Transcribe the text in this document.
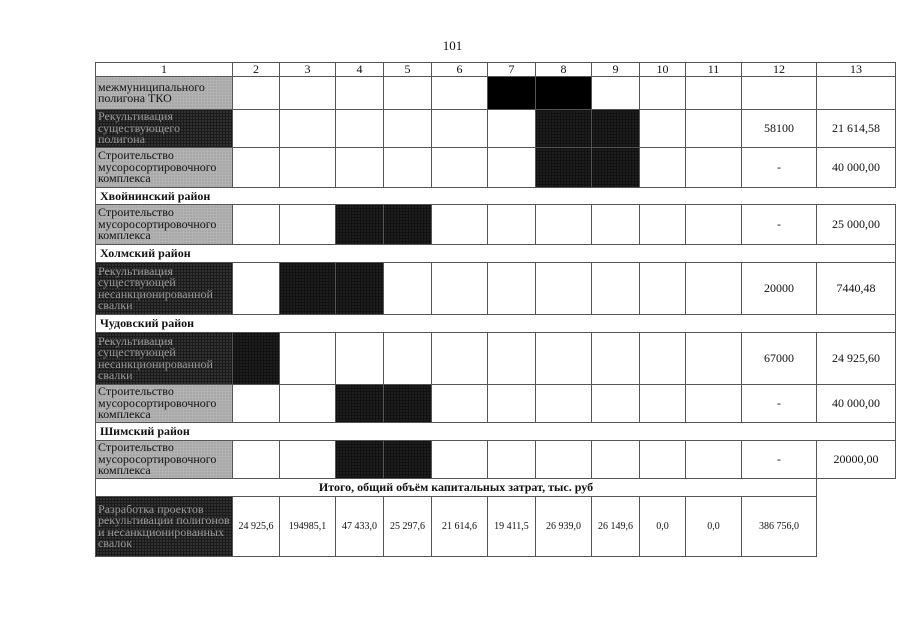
101
1	2	3	4	5	6	7	8	9	10	11	12	13
межмуниципального полигона ТКО												
Рекультивация существующего полигона											58100	21 614,58
Строительство мусоросортировочного комплекса											-	40 000,00
Хвойнинский район												
Строительство мусоросортировочного комплекса											-	25 000,00
Холмский район												
Рекультивация существующей несанкционированной свалки											20000	7440,48
Чудовский район												
Рекультивация существующей несанкционированной свалки											67000	24 925,60
Строительство мусоросортировочного комплекса											-	40 000,00
Шимский район												
Строительство мусоросортировочного комплекса											-	20000,00
Итого, общий объём капитальных затрат, тыс. руб												
Разработка проектов рекультивации полигонов и несанкционированных свалок	24 925,6	194985,1	47 433,0	25 297,6	21 614,6	19 411,5	26 939,0	26 149,6	0,0	0,0	386 756,0	
